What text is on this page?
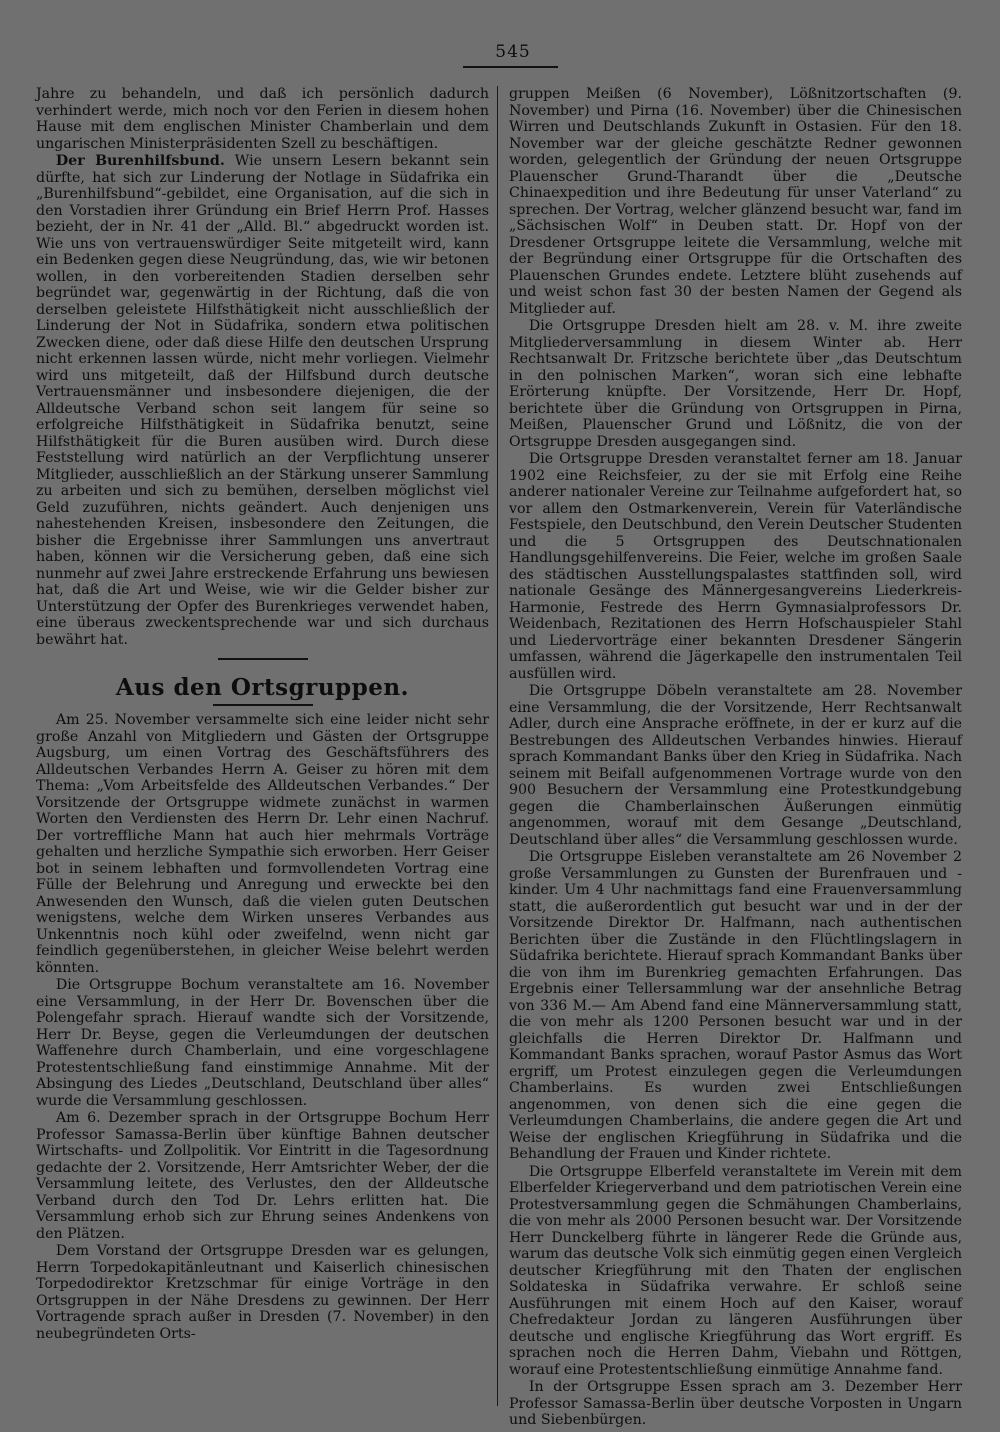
545

Jahre zu behandeln, und daß ich persönlich dadurch verhindert werde, mich noch vor den Ferien in diesem hohen Hause mit dem englischen Minister Chamberlain und dem ungarischen Ministerpräsidenten Szell zu beschäftigen.

Der Burenhilfsbund. Wie unsern Lesern bekannt sein dürfte, hat sich zur Linderung der Notlage in Südafrika ein „Burenhilfsbund“-gebildet, eine Organisation, auf die sich in den Vorstadien ihrer Gründung ein Brief Herrn Prof. Hasses bezieht, der in Nr. 41 der „Alld. Bl.“ abgedruckt worden ist. Wie uns von vertrauenswürdiger Seite mitgeteilt wird, kann ein Bedenken gegen diese Neugründung, das, wie wir betonen wollen, in den vorbereitenden Stadien derselben sehr begründet war, gegenwärtig in der Richtung, daß die von derselben geleistete Hilfsthätigkeit nicht ausschließlich der Linderung der Not in Südafrika, sondern etwa politischen Zwecken diene, oder daß diese Hilfe den deutschen Ursprung nicht erkennen lassen würde, nicht mehr vorliegen. Vielmehr wird uns mitgeteilt, daß der Hilfsbund durch deutsche Vertrauensmänner und insbesondere diejenigen, die der Alldeutsche Verband schon seit langem für seine so erfolgreiche Hilfsthätigkeit in Südafrika benutzt, seine Hilfsthätigkeit für die Buren ausüben wird. Durch diese Feststellung wird natürlich an der Verpflichtung unserer Mitglieder, ausschließlich an der Stärkung unserer Sammlung zu arbeiten und sich zu bemühen, derselben möglichst viel Geld zuzuführen, nichts geändert. Auch denjenigen uns nahestehenden Kreisen, insbesondere den Zeitungen, die bisher die Ergebnisse ihrer Sammlungen uns anvertraut haben, können wir die Versicherung geben, daß eine sich nunmehr auf zwei Jahre erstreckende Erfahrung uns bewiesen hat, daß die Art und Weise, wie wir die Gelder bisher zur Unterstützung der Opfer des Burenkrieges verwendet haben, eine überaus zweckentsprechende war und sich durchaus bewährt hat.

Aus den Ortsgruppen.

Am 25. November versammelte sich eine leider nicht sehr große Anzahl von Mitgliedern und Gästen der Ortsgruppe Augsburg, um einen Vortrag des Geschäftsführers des Alldeutschen Verbandes Herrn A. Geiser zu hören mit dem Thema: „Vom Arbeitsfelde des Alldeutschen Verbandes.“ Der Vorsitzende der Ortsgruppe widmete zunächst in warmen Worten den Verdiensten des Herrn Dr. Lehr einen Nachruf. Der vortreffliche Mann hat auch hier mehrmals Vorträge gehalten und herzliche Sympathie sich erworben. Herr Geiser bot in seinem lebhaften und formvollendeten Vortrag eine Fülle der Belehrung und Anregung und erweckte bei den Anwesenden den Wunsch, daß die vielen guten Deutschen wenigstens, welche dem Wirken unseres Verbandes aus Unkenntnis noch kühl oder zweifelnd, wenn nicht gar feindlich gegenüberstehen, in gleicher Weise belehrt werden könnten.

Die Ortsgruppe Bochum veranstaltete am 16. November eine Versammlung, in der Herr Dr. Bovenschen über die Polengefahr sprach. Hierauf wandte sich der Vorsitzende, Herr Dr. Beyse, gegen die Verleumdungen der deutschen Waffenehre durch Chamberlain, und eine vorgeschlagene Protestentschließung fand einstimmige Annahme. Mit der Absingung des Liedes „Deutschland, Deutschland über alles“ wurde die Versammlung geschlossen.

Am 6. Dezember sprach in der Ortsgruppe Bochum Herr Professor Samassa-Berlin über künftige Bahnen deutscher Wirtschafts- und Zollpolitik. Vor Eintritt in die Tagesordnung gedachte der 2. Vorsitzende, Herr Amtsrichter Weber, der die Versammlung leitete, des Verlustes, den der Alldeutsche Verband durch den Tod Dr. Lehrs erlitten hat. Die Versammlung erhob sich zur Ehrung seines Andenkens von den Plätzen.

Dem Vorstand der Ortsgruppe Dresden war es gelungen, Herrn Torpedokapitänleutnant und Kaiserlich chinesischen Torpedodirektor Kretzschmar für einige Vorträge in den Ortsgruppen in der Nähe Dresdens zu gewinnen. Der Herr Vortragende sprach außer in Dresden (7. November) in den neubegründeten Orts-

gruppen Meißen (6 November), Lößnitzortschaften (9. November) und Pirna (16. November) über die Chinesischen Wirren und Deutschlands Zukunft in Ostasien. Für den 18. November war der gleiche geschätzte Redner gewonnen worden, gelegentlich der Gründung der neuen Ortsgruppe Plauenscher Grund-Tharandt über die „Deutsche Chinaexpedition und ihre Bedeutung für unser Vaterland“ zu sprechen. Der Vortrag, welcher glänzend besucht war, fand im „Sächsischen Wolf“ in Deuben statt. Dr. Hopf von der Dresdener Ortsgruppe leitete die Versammlung, welche mit der Begründung einer Ortsgruppe für die Ortschaften des Plauenschen Grundes endete. Letztere blüht zusehends auf und weist schon fast 30 der besten Namen der Gegend als Mitglieder auf.

Die Ortsgruppe Dresden hielt am 28. v. M. ihre zweite Mitgliederversammlung in diesem Winter ab. Herr Rechtsanwalt Dr. Fritzsche berichtete über „das Deutschtum in den polnischen Marken“, woran sich eine lebhafte Erörterung knüpfte. Der Vorsitzende, Herr Dr. Hopf, berichtete über die Gründung von Ortsgruppen in Pirna, Meißen, Plauenscher Grund und Lößnitz, die von der Ortsgruppe Dresden ausgegangen sind.

Die Ortsgruppe Dresden veranstaltet ferner am 18. Januar 1902 eine Reichsfeier, zu der sie mit Erfolg eine Reihe anderer nationaler Vereine zur Teilnahme aufgefordert hat, so vor allem den Ostmarkenverein, Verein für Vaterländische Festspiele, den Deutschbund, den Verein Deutscher Studenten und die 5 Ortsgruppen des Deutschnationalen Handlungsgehilfenvereins. Die Feier, welche im großen Saale des städtischen Ausstellungspalastes stattfinden soll, wird nationale Gesänge des Männergesangvereins Liederkreis-Harmonie, Festrede des Herrn Gymnasialprofessors Dr. Weidenbach, Rezitationen des Herrn Hofschauspieler Stahl und Liedervorträge einer bekannten Dresdener Sängerin umfassen, während die Jägerkapelle den instrumentalen Teil ausfüllen wird.

Die Ortsgruppe Döbeln veranstaltete am 28. November eine Versammlung, die der Vorsitzende, Herr Rechtsanwalt Adler, durch eine Ansprache eröffnete, in der er kurz auf die Bestrebungen des Alldeutschen Verbandes hinwies. Hierauf sprach Kommandant Banks über den Krieg in Südafrika. Nach seinem mit Beifall aufgenommenen Vortrage wurde von den 900 Besuchern der Versammlung eine Protestkundgebung gegen die Chamberlainschen Äußerungen einmütig angenommen, worauf mit dem Gesange „Deutschland, Deutschland über alles“ die Versammlung geschlossen wurde.

Die Ortsgruppe Eisleben veranstaltete am 26 November 2 große Versammlungen zu Gunsten der Burenfrauen und -kinder. Um 4 Uhr nachmittags fand eine Frauenversammlung statt, die außerordentlich gut besucht war und in der der Vorsitzende Direktor Dr. Halfmann, nach authentischen Berichten über die Zustände in den Flüchtlingslagern in Südafrika berichtete. Hierauf sprach Kommandant Banks über die von ihm im Burenkrieg gemachten Erfahrungen. Das Ergebnis einer Tellersammlung war der ansehnliche Betrag von 336 M.— Am Abend fand eine Männerversammlung statt, die von mehr als 1200 Personen besucht war und in der gleichfalls die Herren Direktor Dr. Halfmann und Kommandant Banks sprachen, worauf Pastor Asmus das Wort ergriff, um Protest einzulegen gegen die Verleumdungen Chamberlains. Es wurden zwei Entschließungen angenommen, von denen sich die eine gegen die Verleumdungen Chamberlains, die andere gegen die Art und Weise der englischen Kriegführung in Südafrika und die Behandlung der Frauen und Kinder richtete.

Die Ortsgruppe Elberfeld veranstaltete im Verein mit dem Elberfelder Kriegerverband und dem patriotischen Verein eine Protestversammlung gegen die Schmähungen Chamberlains, die von mehr als 2000 Personen besucht war. Der Vorsitzende Herr Dunckelberg führte in längerer Rede die Gründe aus, warum das deutsche Volk sich einmütig gegen einen Vergleich deutscher Kriegführung mit den Thaten der englischen Soldateska in Südafrika verwahre. Er schloß seine Ausführungen mit einem Hoch auf den Kaiser, worauf Chefredakteur Jordan zu längeren Ausführungen über deutsche und englische Kriegführung das Wort ergriff. Es sprachen noch die Herren Dahm, Viebahn und Röttgen, worauf eine Protestentschließung einmütige Annahme fand.

In der Ortsgruppe Essen sprach am 3. Dezember Herr Professor Samassa-Berlin über deutsche Vorposten in Ungarn und Siebenbürgen.
